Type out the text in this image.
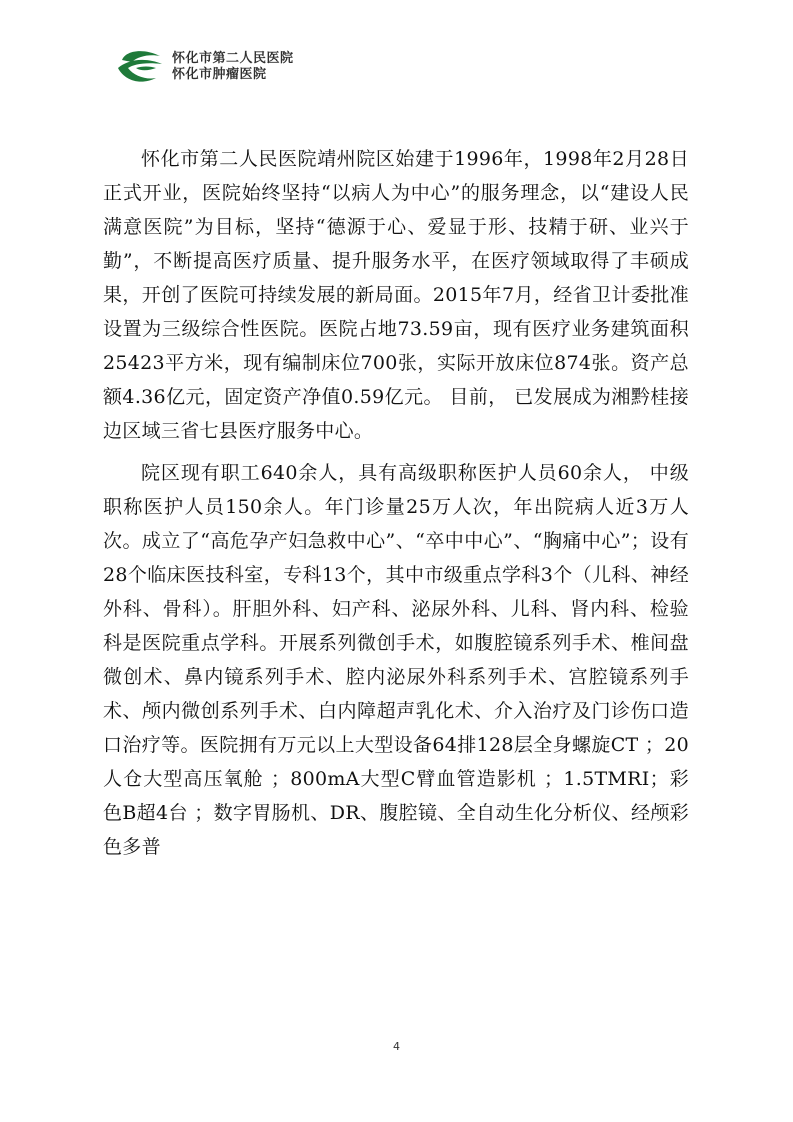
怀化市第二人民医院
怀化市肿瘤医院

怀化市第二人民医院靖州院区始建于1996年，1998年2月28日正式开业，医院始终坚持“以病人为中心”的服务理念，以“建设人民满意医院”为目标，坚持“德源于心、爱显于形、技精于研、业兴于勤”，不断提高医疗质量、提升服务水平，在医疗领域取得了丰硕成果，开创了医院可持续发展的新局面。2015年7月，经省卫计委批准设置为三级综合性医院。医院占地73.59亩，现有医疗业务建筑面积25423平方米，现有编制床位700张，实际开放床位874张。资产总额4.36亿元，固定资产净值0.59亿元。 目前， 已发展成为湘黔桂接边区域三省七县医疗服务中心。

院区现有职工640余人，具有高级职称医护人员60余人， 中级职称医护人员150余人。年门诊量25万人次，年出院病人近3万人次。成立了“高危孕产妇急救中心”、“卒中中心”、“胸痛中心”；设有28个临床医技科室，专科13个，其中市级重点学科3个（儿科、神经外科、骨科）。肝胆外科、妇产科、泌尿外科、儿科、肾内科、检验科是医院重点学科。开展系列微创手术，如腹腔镜系列手术、椎间盘微创术、鼻内镜系列手术、腔内泌尿外科系列手术、宫腔镜系列手术、颅内微创系列手术、白内障超声乳化术、介入治疗及门诊伤口造口治疗等。医院拥有万元以上大型设备64排128层全身螺旋CT ；20人仓大型高压氧舱 ；800mA大型C臂血管造影机 ；1.5TMRI；彩色B超4台 ；数字胃肠机、DR、腹腔镜、全自动生化分析仪、经颅彩色多普

4
